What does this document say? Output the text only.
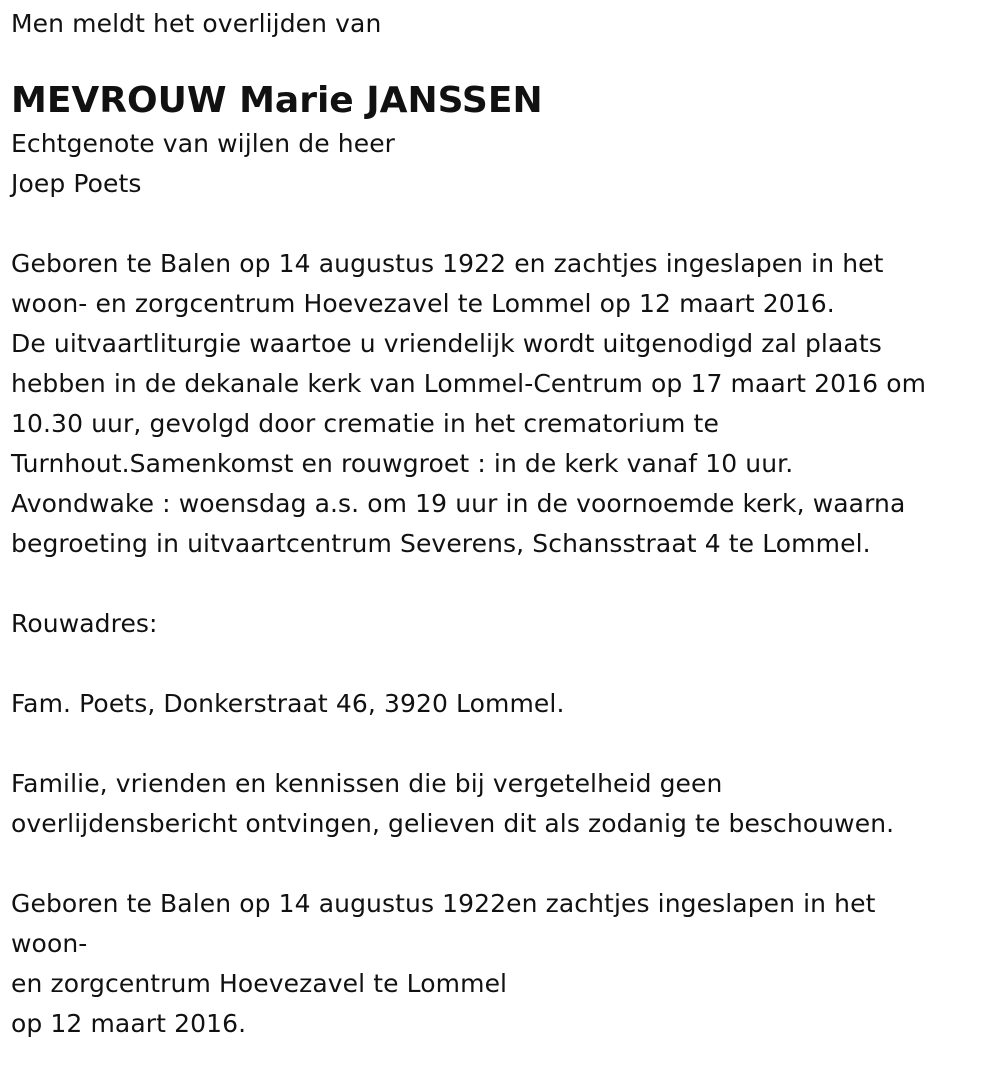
Men meldt het overlijden van
MEVROUW Marie JANSSEN
Echtgenote van wijlen de heer
Joep Poets
Geboren te Balen op 14 augustus 1922 en zachtjes ingeslapen in het
woon- en zorgcentrum Hoevezavel te Lommel op 12 maart 2016.
De uitvaartliturgie waartoe u vriendelijk wordt uitgenodigd zal plaats
hebben in de dekanale kerk van Lommel-Centrum op 17 maart 2016 om
10.30 uur, gevolgd door crematie in het crematorium te
Turnhout.Samenkomst en rouwgroet : in de kerk vanaf 10 uur.
Avondwake : woensdag a.s. om 19 uur in de voornoemde kerk, waarna
begroeting in uitvaartcentrum Severens, Schansstraat 4 te Lommel.
Rouwadres:
Fam. Poets, Donkerstraat 46, 3920 Lommel.
Familie, vrienden en kennissen die bij vergetelheid geen
overlijdensbericht ontvingen, gelieven dit als zodanig te beschouwen.
Geboren te Balen op 14 augustus 1922en zachtjes ingeslapen in het
woon-
en zorgcentrum Hoevezavel te Lommel
op 12 maart 2016.
